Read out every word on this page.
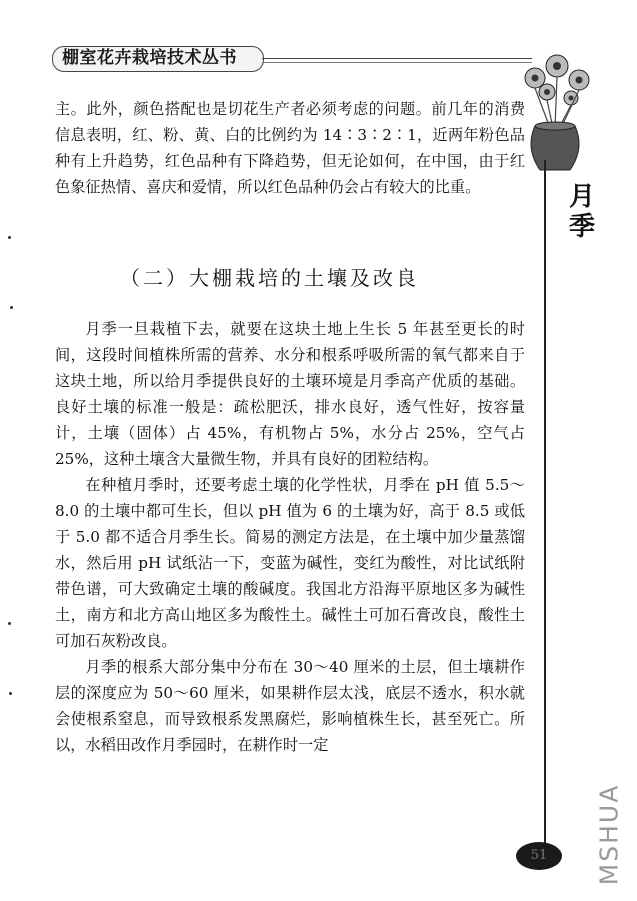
棚室花卉栽培技术丛书
月季

主。此外，颜色搭配也是切花生产者必须考虑的问题。前几年的消费信息表明，红、粉、黄、白的比例约为 14∶3∶2∶1，近两年粉色品种有上升趋势，红色品种有下降趋势，但无论如何，在中国，由于红色象征热情、喜庆和爱情，所以红色品种仍会占有较大的比重。

（二）大棚栽培的土壤及改良

月季一旦栽植下去，就要在这块土地上生长 5 年甚至更长的时间，这段时间植株所需的营养、水分和根系呼吸所需的氧气都来自于这块土地，所以给月季提供良好的土壤环境是月季高产优质的基础。良好土壤的标准一般是：疏松肥沃，排水良好，透气性好，按容量计，土壤（固体）占 45%，有机物占 5%，水分占 25%，空气占 25%，这种土壤含大量微生物，并具有良好的团粒结构。

在种植月季时，还要考虑土壤的化学性状，月季在 pH 值 5.5～8.0 的土壤中都可生长，但以 pH 值为 6 的土壤为好，高于 8.5 或低于 5.0 都不适合月季生长。简易的测定方法是，在土壤中加少量蒸馏水，然后用 pH 试纸沾一下，变蓝为碱性，变红为酸性，对比试纸附带色谱，可大致确定土壤的酸碱度。我国北方沿海平原地区多为碱性土，南方和北方高山地区多为酸性土。碱性土可加石膏改良，酸性土可加石灰粉改良。

月季的根系大部分集中分布在 30～40 厘米的土层，但土壤耕作层的深度应为 50～60 厘米，如果耕作层太浅，底层不透水，积水就会使根系窒息，而导致根系发黑腐烂，影响植株生长，甚至死亡。所以，水稻田改作月季园时，在耕作时一定

51	MSHUA
